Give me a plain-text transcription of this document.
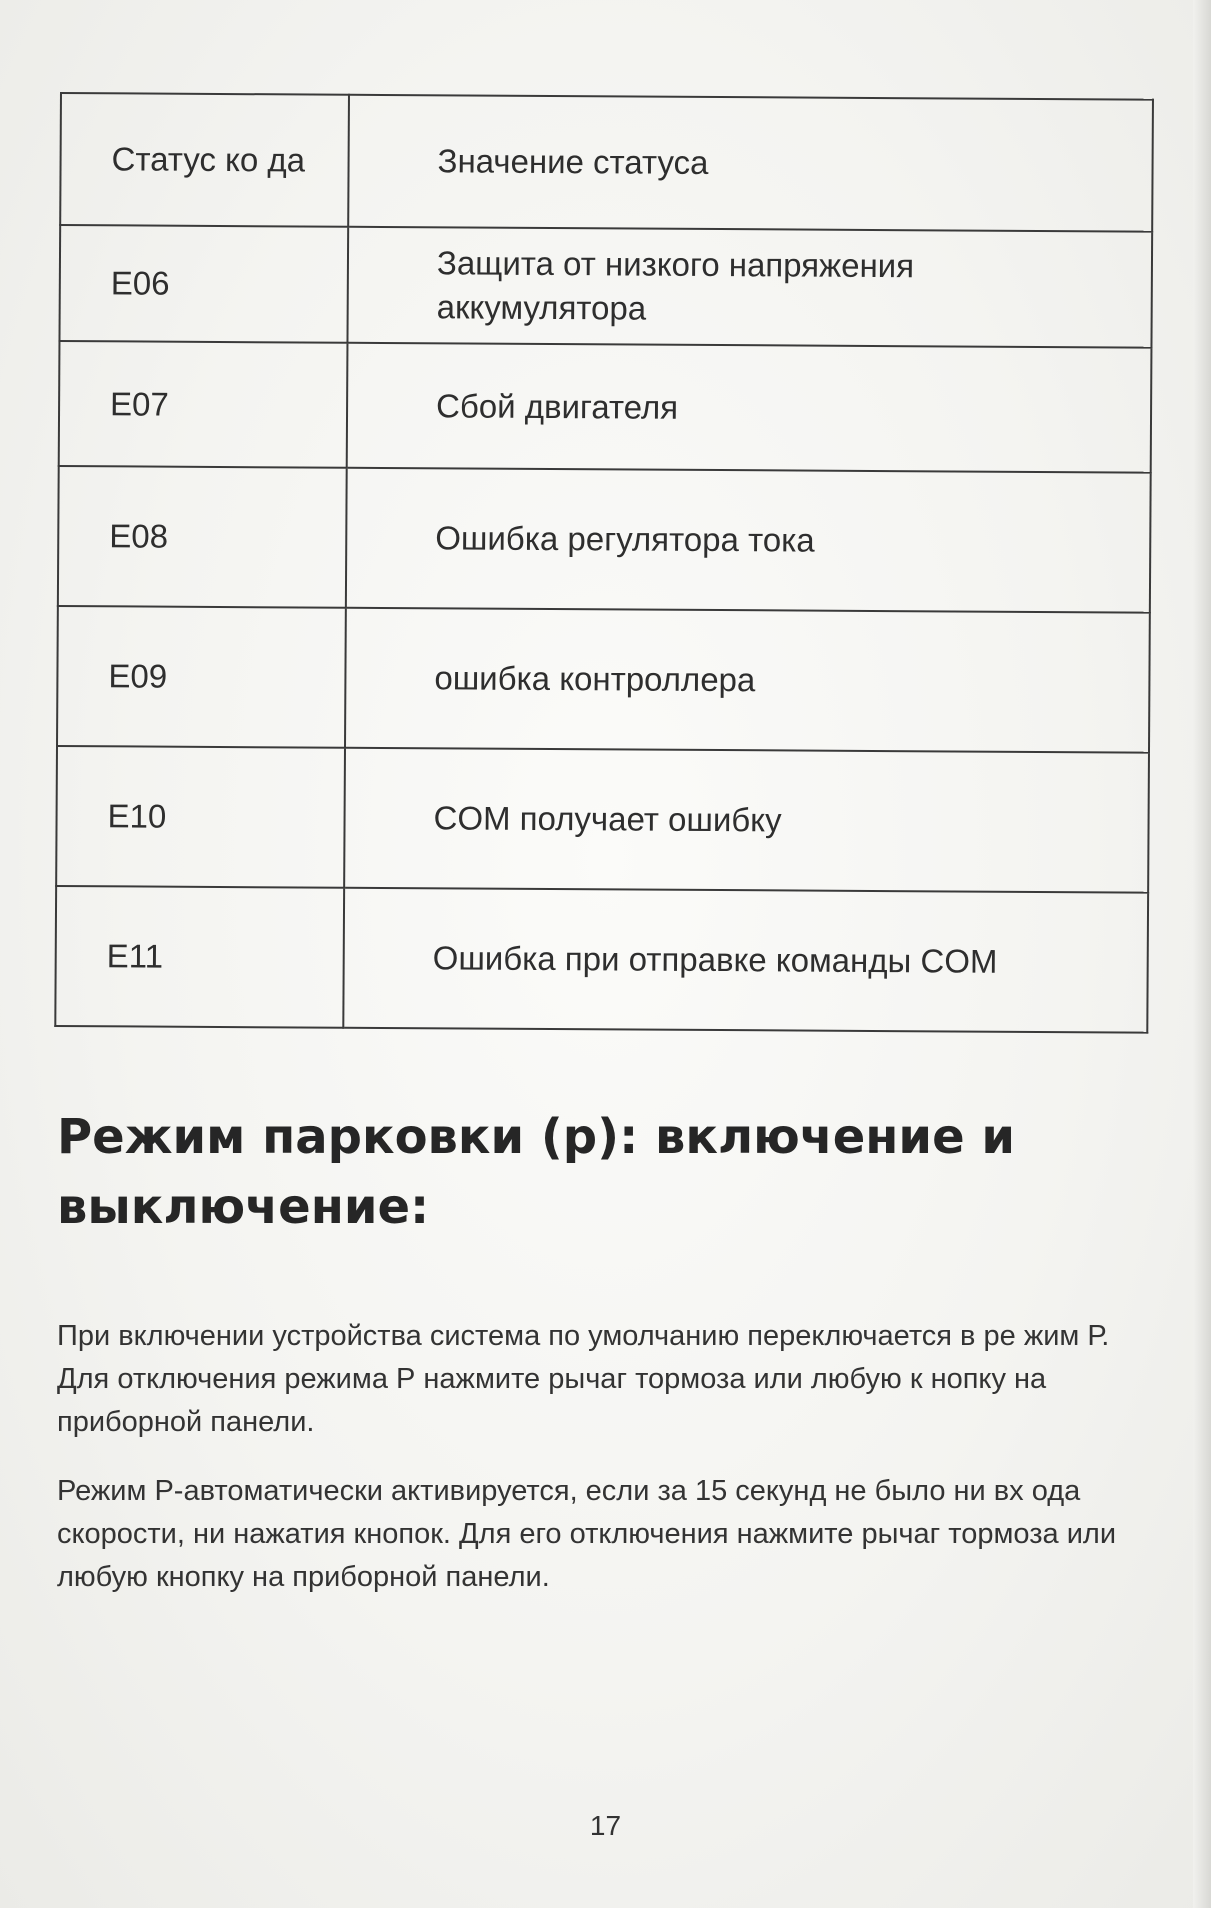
Статус ко да	Значение статуса
E06	Защита от низкого напряжения аккумулятора
E07	Сбой двигателя
E08	Ошибка регулятора тока
E09	ошибка контроллера
E10	COM получает ошибку
E11	Ошибка при отправке команды COM
Режим парковки (р): включение и выключение:

При включении устройства система по умолчанию переключается в ре жим Р. Для отключения режима Р нажмите рычаг тормоза или любую к нопку на приборной панели.

Режим Р-автоматически активируется, если за 15 секунд не было ни вх ода скорости, ни нажатия кнопок. Для его отключения нажмите рычаг тормоза или любую кнопку на приборной панели.

17
